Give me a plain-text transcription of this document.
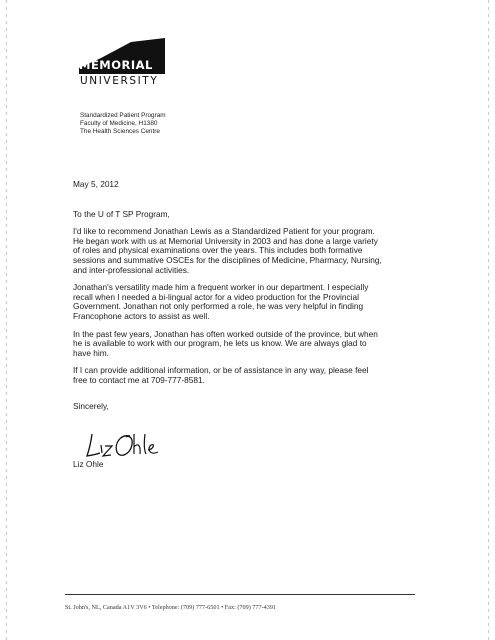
MEMORIAL
UNIVERSITY
Standardized Patient Program
Faculty of Medicine, H1380
The Health Sciences Centre
May 5, 2012
To the U of T SP Program,
I'd like to recommend Jonathan Lewis as a Standardized Patient for your program.
He began work with us at Memorial University in 2003 and has done a large variety
of roles and physical examinations over the years. This includes both formative
sessions and summative OSCEs for the disciplines of Medicine, Pharmacy, Nursing,
and inter-professional activities.
Jonathan's versatility made him a frequent worker in our department. I especially
recall when I needed a bi-lingual actor for a video production for the Provincial
Government. Jonathan not only performed a role, he was very helpful in finding
Francophone actors to assist as well.
In the past few years, Jonathan has often worked outside of the province, but when
he is available to work with our program, he lets us know. We are always glad to
have him.
If I can provide additional information, or be of assistance in any way, please feel
free to contact me at 709-777-8581.
Sincerely,
Liz Ohle
St. John's, NL, Canada A1V 3V6 • Telephone: (709) 777-6501 • Fax: (709) 777-4391
